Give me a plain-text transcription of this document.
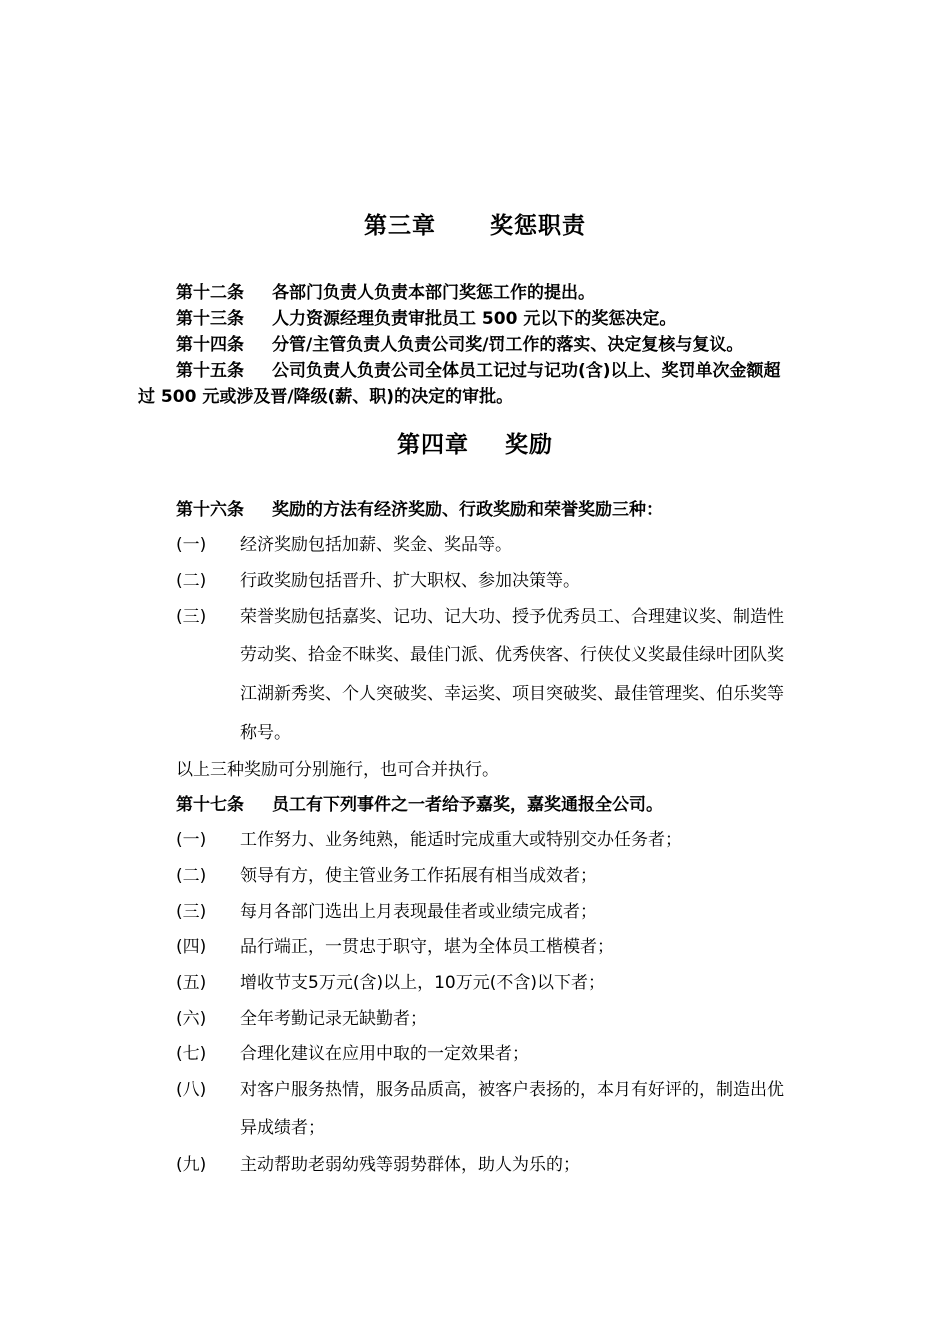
第三章      奖惩职责
第十二条 各部门负责人负责本部门奖惩工作的提出。
第十三条 人力资源经理负责审批员工 500 元以下的奖惩决定。
第十四条 分管/主管负责人负责公司奖/罚工作的落实、决定复核与复议。
第十五条 公司负责人负责公司全体员工记过与记功(含)以上、奖罚单次金额超
过 500 元或涉及晋/降级(薪、职)的决定的审批。
第四章    奖励
第十六条 奖励的方法有经济奖励、行政奖励和荣誉奖励三种：
(一) 经济奖励包括加薪、奖金、奖品等。
(二) 行政奖励包括晋升、扩大职权、参加决策等。
(三) 荣誉奖励包括嘉奖、记功、记大功、授予优秀员工、合理建议奖、制造性
劳动奖、拾金不昧奖、最佳门派、优秀侠客、行侠仗义奖最佳绿叶团队奖
江湖新秀奖、个人突破奖、幸运奖、项目突破奖、最佳管理奖、伯乐奖等
称号。
以上三种奖励可分别施行，也可合并执行。
第十七条 员工有下列事件之一者给予嘉奖，嘉奖通报全公司。
(一) 工作努力、业务纯熟，能适时完成重大或特别交办任务者；
(二) 领导有方，使主管业务工作拓展有相当成效者；
(三) 每月各部门选出上月表现最佳者或业绩完成者；
(四) 品行端正，一贯忠于职守，堪为全体员工楷模者；
(五) 增收节支5万元(含)以上，10万元(不含)以下者；
(六) 全年考勤记录无缺勤者；
(七) 合理化建议在应用中取的一定效果者；
(八) 对客户服务热情，服务品质高，被客户表扬的，本月有好评的，制造出优
异成绩者；
(九) 主动帮助老弱幼残等弱势群体，助人为乐的；
